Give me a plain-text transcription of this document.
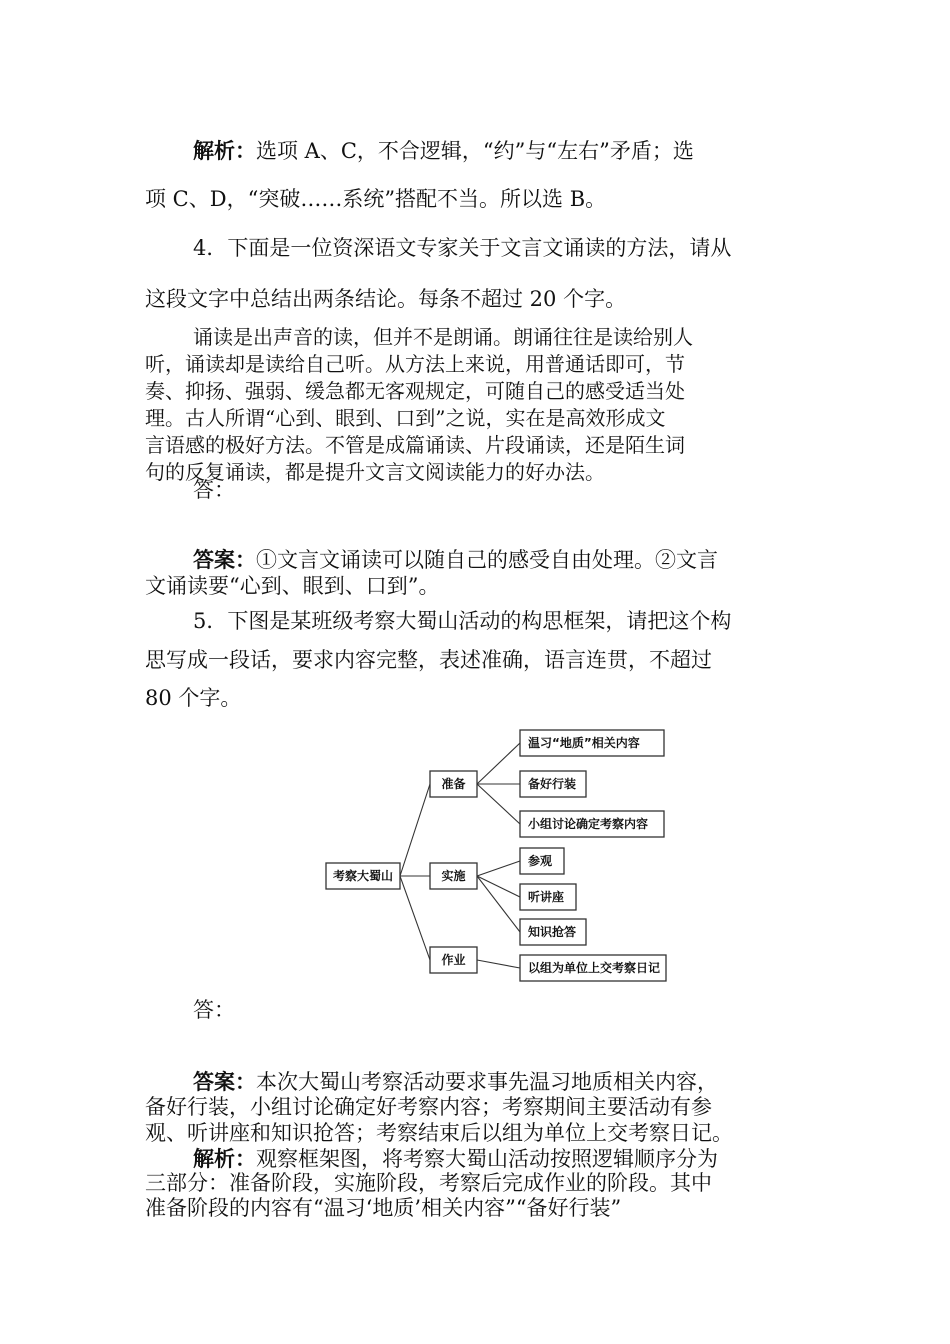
解析：选项 A、C，不合逻辑，“约”与“左右”矛盾；选
项 C、D，“突破……系统”搭配不当。所以选 B。
4．下面是一位资深语文专家关于文言文诵读的方法，请从
这段文字中总结出两条结论。每条不超过 20 个字。
诵读是出声音的读，但并不是朗诵。朗诵往往是读给别人
听，诵读却是读给自己听。从方法上来说，用普通话即可，节
奏、抑扬、强弱、缓急都无客观规定，可随自己的感受适当处
理。古人所谓“心到、眼到、口到”之说，实在是高效形成文
言语感的极好方法。不管是成篇诵读、片段诵读，还是陌生词
句的反复诵读，都是提升文言文阅读能力的好办法。
答：
答案：①文言文诵读可以随自己的感受自由处理。②文言
文诵读要“心到、眼到、口到”。
5．下图是某班级考察大蜀山活动的构思框架，请把这个构
思写成一段话，要求内容完整，表述准确，语言连贯，不超过
80 个字。
考察大蜀山
准备
实施
作业
温习“地质”相关内容
备好行装
小组讨论确定考察内容
参观
听讲座
知识抢答
以组为单位上交考察日记
答：
答案：本次大蜀山考察活动要求事先温习地质相关内容，
备好行装，小组讨论确定好考察内容；考察期间主要活动有参
观、听讲座和知识抢答；考察结束后以组为单位上交考察日记。
解析：观察框架图，将考察大蜀山活动按照逻辑顺序分为
三部分：准备阶段，实施阶段，考察后完成作业的阶段。其中
准备阶段的内容有“温习‘地质’相关内容”“备好行装”
